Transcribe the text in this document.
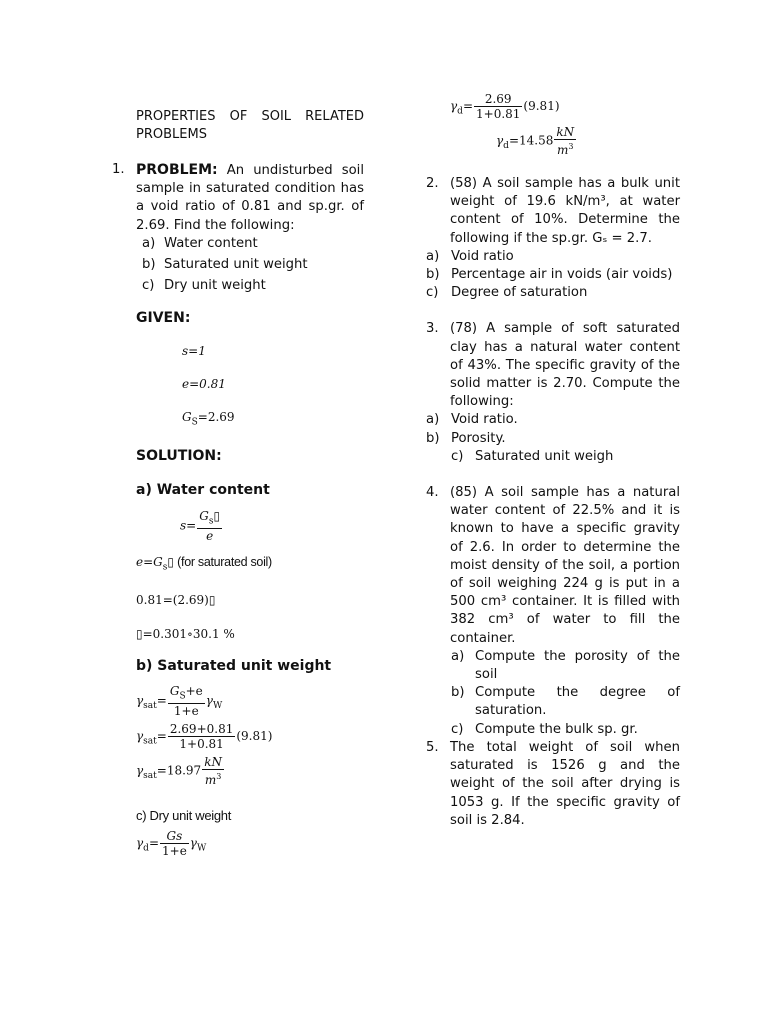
PROPERTIES OF SOIL RELATED PROBLEMS
1. PROBLEM: An undisturbed soil sample in saturated condition has a void ratio of 0.81 and sp.gr. of 2.69. Find the following:
a) Water content
b) Saturated unit weight
c) Dry unit weight
GIVEN:
s=1
e=0.81
$G_S=2.69$
SOLUTION:
a) Water content
$s= \frac{G_s▯}{e}$
$e=G_s▯$ (for saturated soil)
0.81=(2.69)▯
▯=0.301∘30.1 %
b) Saturated unit weight
$\gamma_{sat}= \frac{G_S+e}{1+e} \gamma_W$
$\gamma_{sat}= \frac{2.69+0.81}{1+0.81} (9.81)$
$\gamma_{sat}=18.97 \frac{kN}{m^3}$
c) Dry unit weight
$\gamma_d= \frac{Gs}{1+e} \gamma_W$
$\gamma_d= \frac{2.69}{1+0.81} (9.81)$
$\gamma_d=14.58 \frac{kN}{m^3}$
2. (58) A soil sample has a bulk unit weight of 19.6 kN/m³, at water content of 10%. Determine the following if the sp.gr. Gₛ = 2.7.
a) Void ratio
b) Percentage air in voids (air voids)
c) Degree of saturation
3. (78) A sample of soft saturated clay has a natural water content of 43%. The specific gravity of the solid matter is 2.70. Compute the following:
a) Void ratio.
b) Porosity.
c) Saturated unit weigh
4. (85) A soil sample has a natural water content of 22.5% and it is known to have a specific gravity of 2.6. In order to determine the moist density of the soil, a portion of soil weighing 224 g is put in a 500 cm³ container. It is filled with 382 cm³ of water to fill the container.
a) Compute the porosity of the soil
b) Compute the degree of saturation.
c) Compute the bulk sp. gr.
5. The total weight of soil when saturated is 1526 g and the weight of the soil after drying is 1053 g. If the specific gravity of soil is 2.84.
